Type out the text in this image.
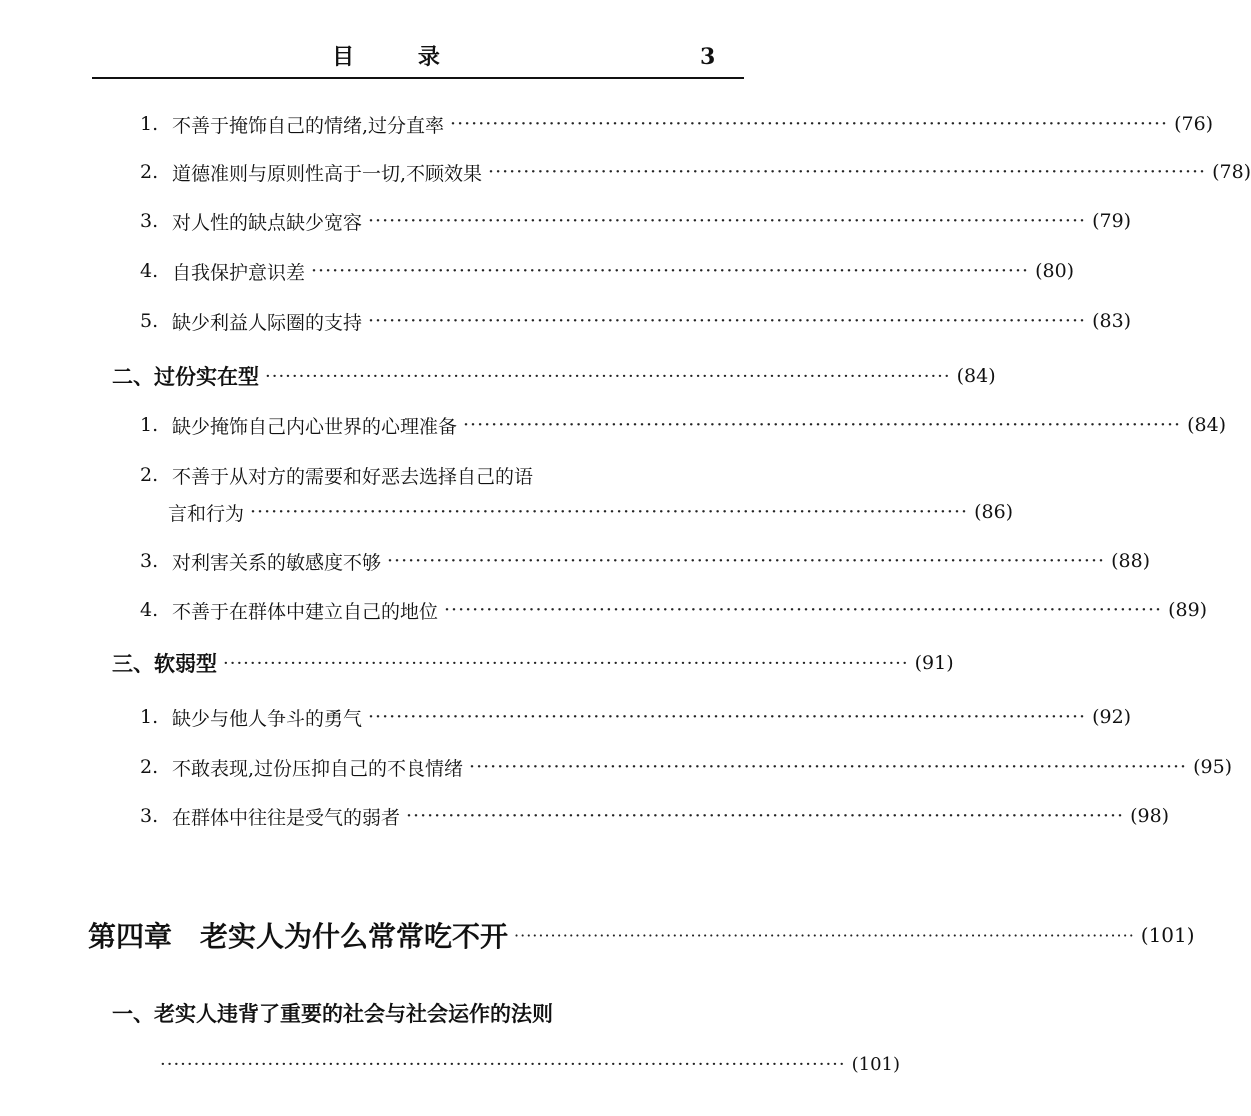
目 录	3
1. 不善于掩饰自己的情绪,过分直率 ······································································································ (76)
2. 道德准则与原则性高于一切,不顾效果 ······································································································ (78)
3. 对人性的缺点缺少宽容 ······································································································ (79)
4. 自我保护意识差 ······································································································ (80)
5. 缺少利益人际圈的支持 ······································································································ (83)
二、过份实在型 ······································································································ (84)
1. 缺少掩饰自己内心世界的心理准备 ······································································································ (84)
2. 不善于从对方的需要和好恶去选择自己的语
言和行为 ······································································································ (86)
3. 对利害关系的敏感度不够 ······································································································ (88)
4. 不善于在群体中建立自己的地位 ······································································································ (89)
三、软弱型 ······································································································ (91)
1. 缺少与他人争斗的勇气 ······································································································ (92)
2. 不敢表现,过份压抑自己的不良情绪 ······································································································ (95)
3. 在群体中往往是受气的弱者 ······································································································ (98)
第四章　老实人为什么常常吃不开 ······································································································ (101)
一、老实人违背了重要的社会与社会运作的法则
······································································································ (101)
